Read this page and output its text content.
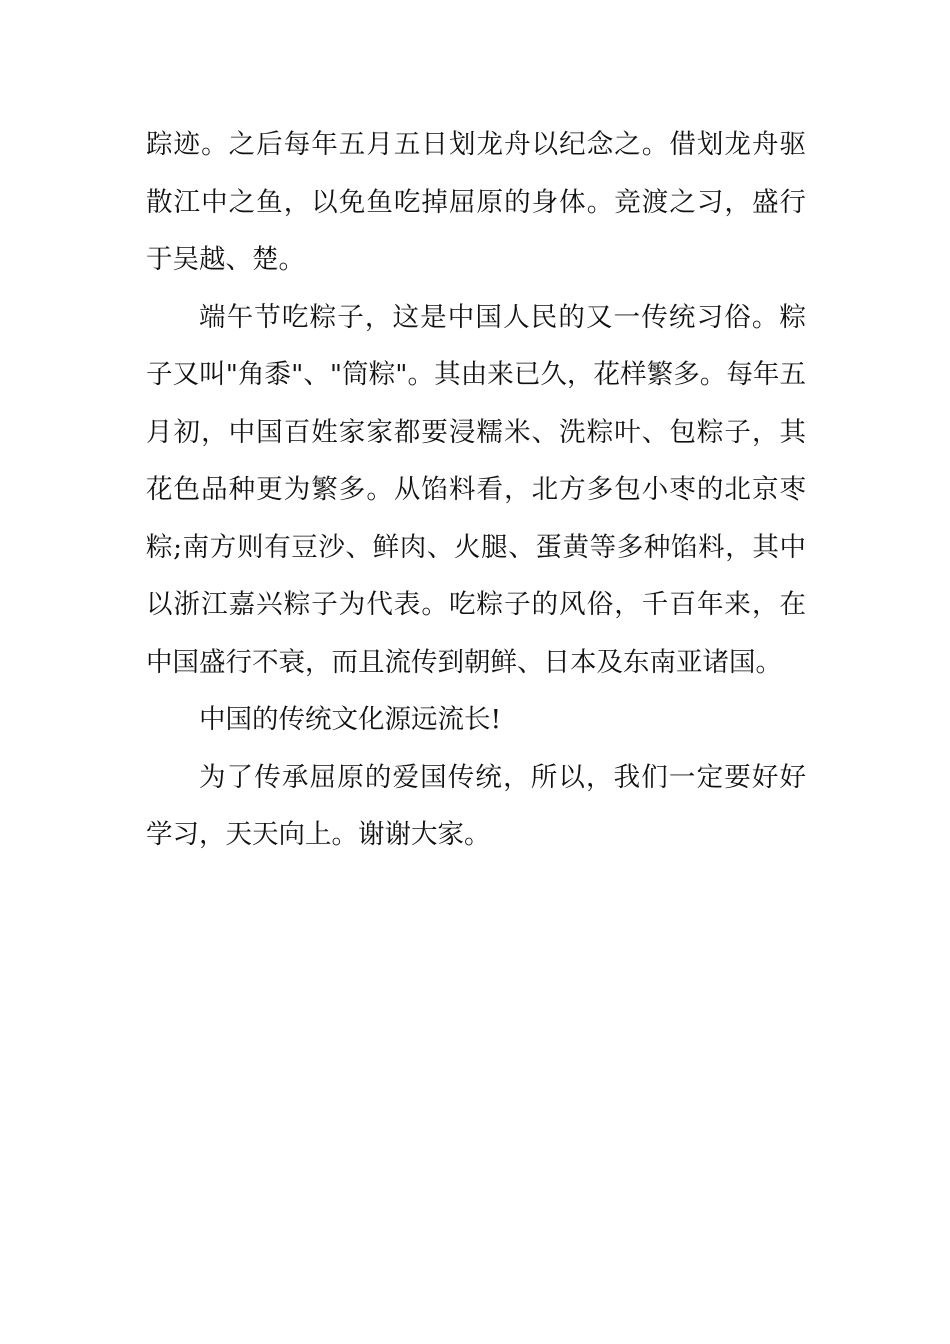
踪迹。之后每年五月五日划龙舟以纪念之。借划龙舟驱散江中之鱼，以免鱼吃掉屈原的身体。竞渡之习，盛行于吴越、楚。

端午节吃粽子，这是中国人民的又一传统习俗。粽子又叫"角黍"、"筒粽"。其由来已久，花样繁多。每年五月初，中国百姓家家都要浸糯米、洗粽叶、包粽子，其花色品种更为繁多。从馅料看，北方多包小枣的北京枣粽;南方则有豆沙、鲜肉、火腿、蛋黄等多种馅料，其中以浙江嘉兴粽子为代表。吃粽子的风俗，千百年来，在中国盛行不衰，而且流传到朝鲜、日本及东南亚诸国。

中国的传统文化源远流长!

为了传承屈原的爱国传统，所以，我们一定要好好学习，天天向上。谢谢大家。
